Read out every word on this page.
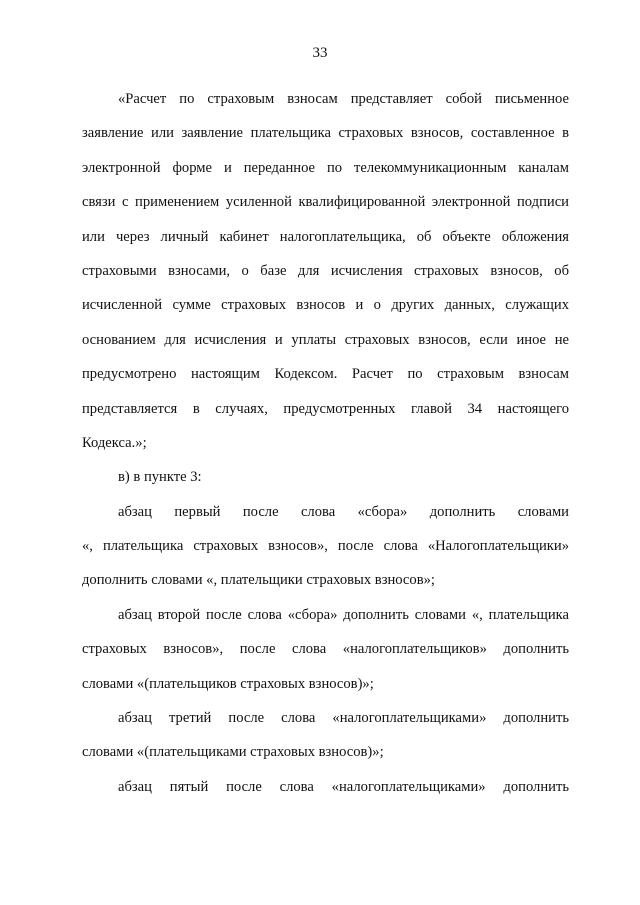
33
«Расчет по страховым взносам представляет собой письменное
заявление или заявление плательщика страховых взносов, составленное в
электронной форме и переданное по телекоммуникационным каналам
связи с применением усиленной квалифицированной электронной подписи
или через личный кабинет налогоплательщика, об объекте обложения
страховыми взносами, о базе для исчисления страховых взносов, об
исчисленной сумме страховых взносов и о других данных, служащих
основанием для исчисления и уплаты страховых взносов, если иное не
предусмотрено настоящим Кодексом. Расчет по страховым взносам
представляется в случаях, предусмотренных главой 34 настоящего
Кодекса.»;
в) в пункте 3:
абзац первый после слова «сбора» дополнить словами
«, плательщика страховых взносов», после слова «Налогоплательщики»
дополнить словами «, плательщики страховых взносов»;
абзац второй после слова «сбора» дополнить словами «, плательщика
страховых взносов», после слова «налогоплательщиков» дополнить
словами «(плательщиков страховых взносов)»;
абзац третий после слова «налогоплательщиками» дополнить
словами «(плательщиками страховых взносов)»;
абзац пятый после слова «налогоплательщиками» дополнить
